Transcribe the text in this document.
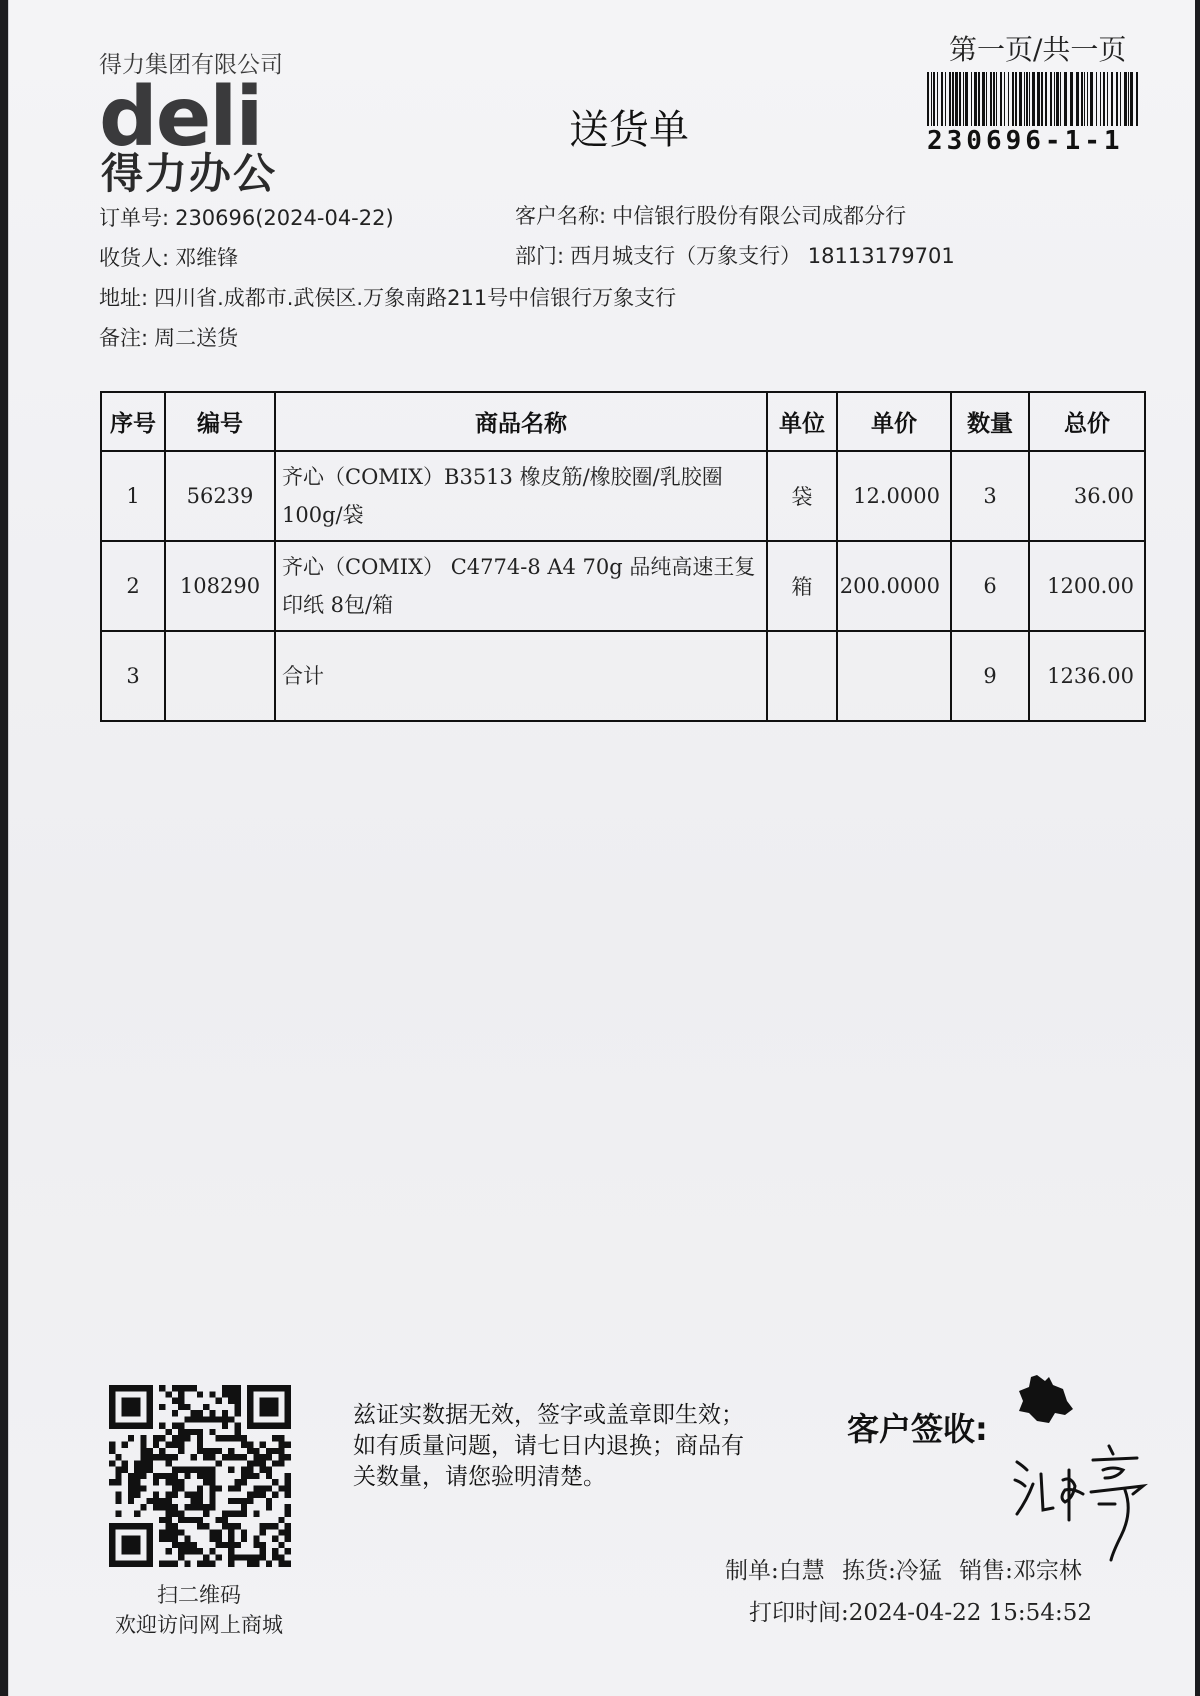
得力集团有限公司
deli
得力办公
送货单
第一页/共一页
230696-1-1
订单号: 230696(2024-04-22)	客户名称: 中信银行股份有限公司成都分行
收货人: 邓维锋	部门: 西月城支行（万象支行） 18113179701
地址: 四川省.成都市.武侯区.万象南路211号中信银行万象支行
备注: 周二送货
序号	编号	商品名称	单位	单价	数量	总价
1	56239	齐心（COMIX）B3513 橡皮筋/橡胶圈/乳胶圈100g/袋	袋	12.0000	3	36.00
2	108290	齐心（COMIX） C4774-8 A4 70g 品纯高速王复印纸 8包/箱	箱	200.0000	6	1200.00
3		合计			9	1236.00
扫二维码
欢迎访问网上商城
兹证实数据无效，签字或盖章即生效；如有质量问题，请七日内退换；商品有关数量，请您验明清楚。
客户签收:
制单:白慧 拣货:冷猛 销售:邓宗林
打印时间:2024-04-22 15:54:52
